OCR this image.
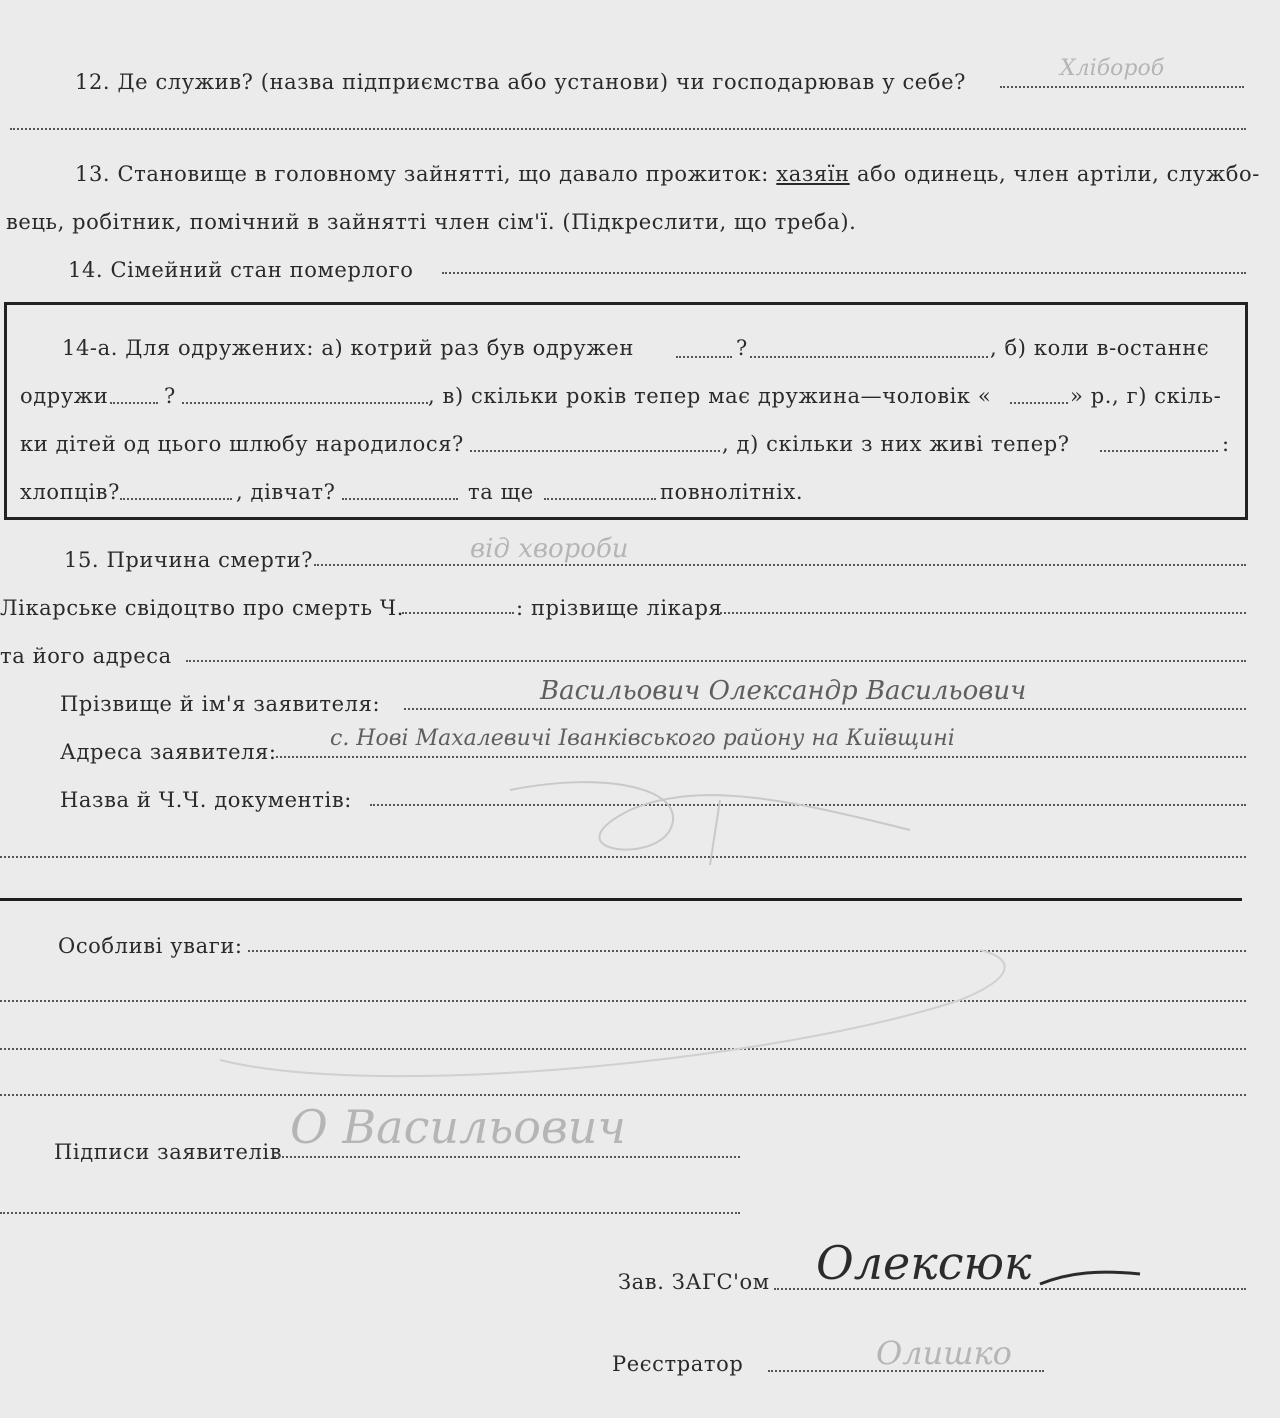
12. Де служив? (назва підприємства або установи) чи господарював у себе?
Хлібороб
13. Становище в головному зайнятті, що давало прожиток: хазяїн або одинець, член артіли, службо-
вець, робітник, помічний в зайнятті член сім'ї. (Підкреслити, що треба).
14. Сімейний стан померлого
14-а. Для одружених: а) котрий раз був одружен	?	, б) коли в-останнє
одружи	?	, в) скільки років тепер має дружина—чоловік «	» р., г) скіль-
ки дітей од цього шлюбу народилося?	, д) скільки з них живі тепер?	:
хлопців?	, дівчат?	та ще	повнолітніх.
15. Причина смерти?	від хвороби
Лікарське свідоцтво про смерть Ч.	: прізвище лікаря
та його адреса
Прізвище й ім'я заявителя:	Васильович Олександр Васильович
Адреса заявителя:
с. Нові Махалевичі Іванківського району на Київщині
Назва й Ч.Ч. документів:
Особливі уваги:
Підписи заявителів О Васильович
Зав. ЗАГС'ом Олексюк
Реєстратор	Олишко
